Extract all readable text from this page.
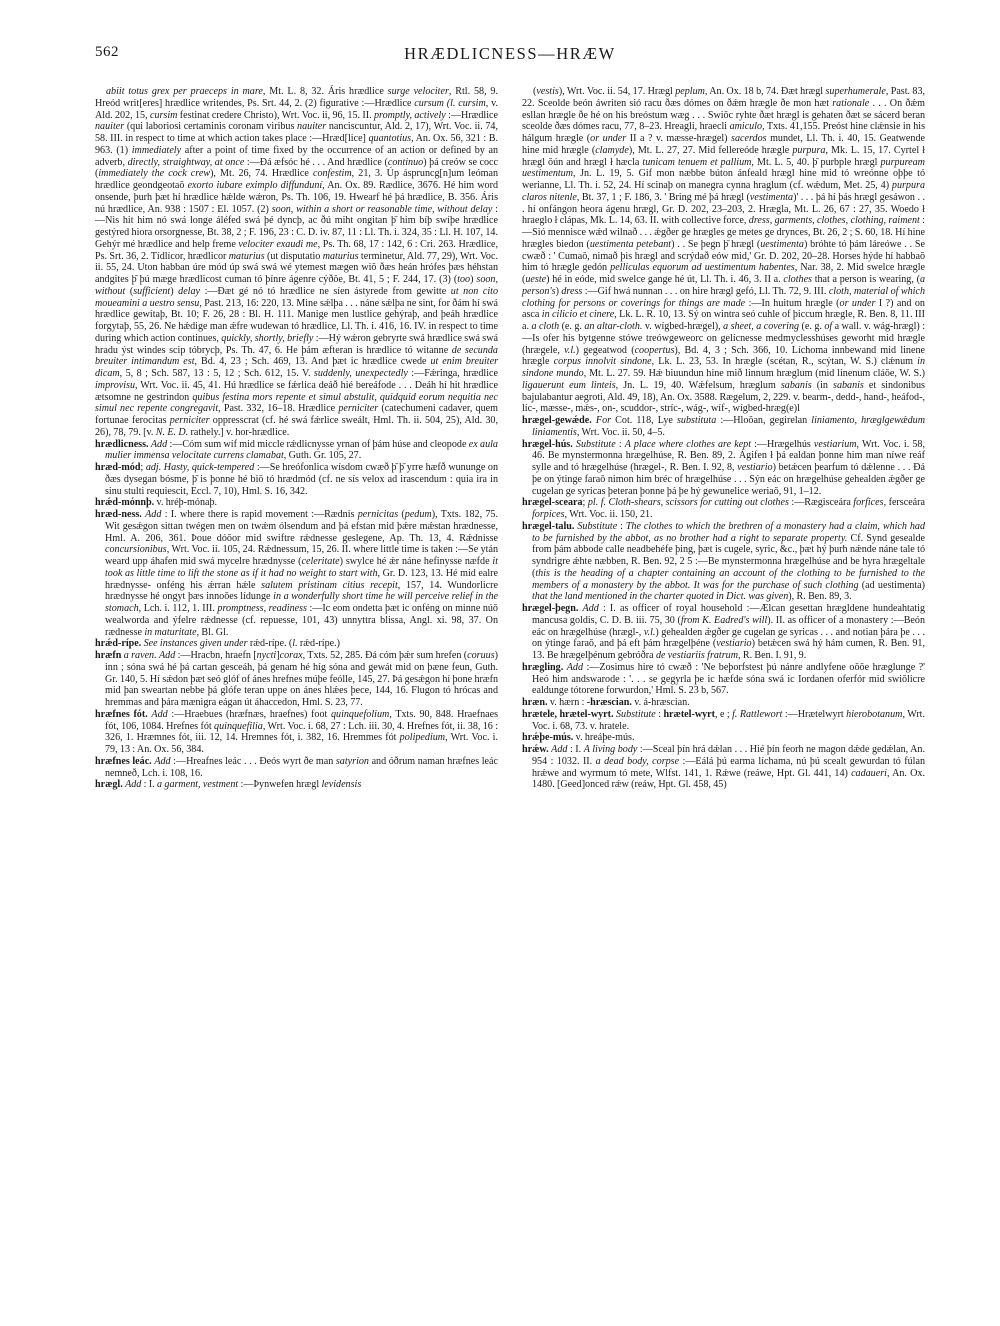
562	HRÆDLICNESS—HRÆW

abiit totus grex per praeceps in mare, Mt. L. 8, 32. Áris hrædlice surge velociter, Rtl. 58, 9. Hreód writ[eres] hrædlice writendes, Ps. Srt. 44, 2. (2) figurative :—Hrædlice cursum (l. cursim, v. Ald. 202, 15, cursim festinat credere Christo), Wrt. Voc. ii, 96, 15. II. promptly, actively :—Hrædlice nauiter (qui laboriosi certaminis coronam viribus nauiter nanciscuntur, Ald. 2, 17), Wrt. Voc. ii. 74, 58. III. in respect to time at which action takes place :—Hræd[lice] quantotius, An. Ox. 56, 321 : B. 963. (1) immediately after a point of time fixed by the occurrence of an action or defined by an adverb, directly, straightway, at once :—Ðá æfsóc hé . . . And hrædlice (continuo) þá creów se cocc (immediately the cock crew), Mt. 26, 74. Hrædlice confestim, 21, 3. Úp áspruncg[n]um leóman hrædlice geondgeotaŏ exorto iubare eximplo diffunduní, An. Ox. 89. Rædlice, 3676. Hé him word onsende, þurh þæt hí hrædlice hǽlde wǽron, Ps. Th. 106, 19. Hwearf hé þá hrædlice, B. 356. Áris nú hrædlice, An. 938 : 1507 : El. 1057. (2) soon, within a short or reasonable time, without delay :—Nis hit him nó swá longe áléfed swá þé dyncþ, ac ðú miht ongitan þ̄ him bíþ swíþe hrædlice gestýred hiora orsorgnesse, Bt. 38, 2 ; F. 196, 23 : C. D. iv. 87, 11 : Ll. Th. i. 324, 35 : Ll. H. 107, 14. Gehýr mé hrædlice and help freme velociter exaudi me, Ps. Th. 68, 17 : 142, 6 : Cri. 263. Hrædlice, Ps. Srt. 36, 2. Tídlícor, hrædlicor maturius (ut disputatio maturius terminetur, Ald. 77, 29), Wrt. Voc. ii. 55, 24. Uton habban úre mód úp swá swá wé ytemest mægen wiŏ ðæs heán hrófes þæs héhstan andgites þ̄ þú mæge hrædlicost cuman tó þínre ágenre cýðŏe, Bt. 41, 5 ; F. 244, 17. (3) (too) soon, without (sufficient) delay :—Ðæt gé nó tó hrædlice ne síen ástyrede from gewitte ut non cito moueamini a uestro sensu, Past. 213, 16: 220, 13. Mine sǽlþa . . . náne sǽlþa ne sint, for ðám hí swá hrædlice gewítaþ, Bt. 10; F. 26, 28 : Bl. H. 111. Manige men lustlice gehýraþ, and þeáh hrædlice forgytaþ, 55, 26. Ne hǽdige man ǽfre wudewan tó hrædlice, Ll. Th. i. 416, 16. IV. in respect to time during which action continues, quickly, shortly, briefly :—Hý wǽron gebryrte swá hrædlice swá swá hradu ýst windes scip tóbrycþ, Ps. Th. 47, 6. He þám æfteran is hrædlice tó witanne de secunda breuiter intimandum est, Bd. 4, 23 ; Sch. 469, 13. And þæt ic hrædlice cwede ut enim breuiter dicam, 5, 8 ; Sch. 587, 13 : 5, 12 ; Sch. 612, 15. V. suddenly, unexpectedly :—Fǽringa, hrædlice improvisu, Wrt. Voc. ii. 45, 41. Hú hrædlice se fǽrlica deáð hié bereáfode . . . Deáh hí hit hrædlice ætsomne ne gestrindon quibus festina mors repente et simul abstulit, quidquid eorum nequitia nec simul nec repente congregavit, Past. 332, 16–18. Hrædlice perniciter (catechumeni cadaver, quem fortunae ferocitas perniciter oppresscrat (cf. hé swá fǽrlice sweált, Hml. Th. ii. 504, 25), Ald. 30, 26), 78, 79. [v. N. E. D. rathely.] v. hor-hrædlice.

hrædlicness. Add :—Cóm sum wíf mid miccle rǽdlicnysse yrnan of þám húse and cleopode ex aula mulier immensa velocitate currens clamabat, Guth. Gr. 105, 27.

hræd-mód; adj. Hasty, quick-tempered :—Se hreófonlica wísdom cwæð þ̄ þ̄ yrre hæfð wununge on ðæs dysegan bósme, þ̄ is þonne hé biŏ tó hrædmód (cf. ne sís velox ad irascendum : quia ira in sinu stulti requiescit, Eccl. 7, 10), Hml. S. 16, 342.

hrǽd-mónnþ. v. hréþ-mónaþ.

hræd-ness. Add : I. where there is rapid movement :—Rædnis pernicitas (pedum), Txts. 182, 75. Wit gesǽgon sittan twégen men on twǽm ólsendum and þá efstan mid þǽre mǽstan hrædnesse, Hml. A. 206, 361. Þoue dóŏor mid swiftre rǽdnesse geslegene, Ap. Th. 13, 4. Rǽdnisse concursionibus, Wrt. Voc. ii. 105, 24. Rǽdnessum, 15, 26. II. where little time is taken :—Se ytán weard upp áhafen mid swá mycelre hrædnysse (celeritate) swylce hé ǽr náne hefinysse næfde it took as little time to lift the stone as if it had no weight to start with, Gr. D. 123, 13. Hé mid ealre hrædnysse- onféng his ǽrran hǽle salutem pristinam citius recepit, 157, 14. Wundorlicre hrædnysse hé ongyt þæs innoŏes lídunge in a wonderfully short time he will perceive relief in the stomach, Lch. i. 112, 1. III. promptness, readiness :—Ic eom ondetta þæt ic onféng on minne núŏ wealworda and ýfelre rǽdnesse (cf. repuesse, 101, 43) unnyttra blissa, Angl. xi. 98, 37. On rædnesse in maturitate, Bl. Gl.

hrǽd-rípe. See instances given under rǽd-rípe. (l. rǽd-rípe.)

hræfn a raven. Add :—Hracbn, hraefn [nycti]corax, Txts. 52, 285. Ðá cóm þǽr sum hrefen (coruus) inn ; sóna swá hé þá cartan gesceáh, þá genam hé híg sóna and gewát mid on þæne feun, Guth. Gr. 140, 5. Hí sǽdon þæt seó glóf of ánes hrefnes múþe feólle, 145, 27. Þá gesǽgon hí þone hræfn mid þan sweartan nebbe þá glófe teran uppe on ánes hlǽes þece, 144, 16. Flugon tó hrócas and hremmas and þára mænigra eágan út áhaccedon, Hml. S. 23, 77.

hræfnes fót. Add :—Hraebues (hræfnæs, hraefnes) foot quinquefolium, Txts. 90, 848. Hraefnaes fót, 106, 1084. Hrefnes fót quinquefilia, Wrt. Voc. i. 68, 27 : Lch. iii. 30, 4. Hrefnes fót, ii. 38, 16 : 326, 1. Hræmnes fót, iii. 12, 14. Hremnes fót, i. 382, 16. Hremmes fót polipedium, Wrt. Voc. i. 79, 13 : An. Ox. 56, 384.

hræfnes leác. Add :—Hreafnes leác . . . Ðeós wyrt ðe man satyrion and óðrum naman hræfnes leác nemneð, Lch. i. 108, 16.

hrægl. Add : I. a garment, vestment :—Þynwefen hrægl levidensis

(vestis), Wrt. Voc. ii. 54, 17. Hrægl peplum, An. Ox. 18 b, 74. Ðæt hrægl superhumerale, Past. 83, 22. Sceolde beón áwriten sió racu ðæs dómes on ðǽm hrægle ðe mon hæt rationale . . . On ðǽm esllan hrægle ðe hé on his breóstum wæg . . . Swiŏc ryhte ðæt hrægl is gehaten ðæt se sácerd beran sceolde ðæs dómes racu, 77, 8–23. Hreagli, hraecli amiculo, Txts. 41,155. Preóst hine clǽnsie in his hálgum hrægle (or under II a ? v. mæsse-hrægel) sacerdos mundet, Ll. Th. i. 40, 15. Geatwende hine mid hrægle (clamyde), Mt. L. 27, 27. Mid fellereóde hrægle purpura, Mk. L. 15, 17. Cyrtel ł hrægl ŏún and hrægl ł hæcla tunicam tenuem et pallium, Mt. L. 5, 40. þ̄ purbple hrægl purpuream uestimentum, Jn. L. 19, 5. Gif mon næbbe búton ánfeald hrægl hine mid tó wreónne oþþe tó werianne, Ll. Th. i. 52, 24. Hí scinaþ on manegra cynna hraglum (cf. wǽdum, Met. 25, 4) purpura claros nitenle, Bt. 37, 1 ; F. 186, 3. ' Bring mé þá hrægl (vestimenta)' . . . þá hí þás hrægl gesáwon . . . hí onfángon heora ágenu hrægl, Gr. D. 202, 23–203, 2. Hrægla, Mt. L. 26, 67 : 27, 35. Woedo ł hraeglo ł clápas, Mk. L. 14, 63. II. with collective force, dress, garments, clothes, clothing, raiment :—Sió mennisce wǽd wilnað . . . ǽgðer ge hrægles ge metes ge drynces, Bt. 26, 2 ; S. 60, 18. Hí hine hrægles biedon (uestimenta petebant) . . Se þegn þ̄ hrægl (uestimenta) bróhte tó þám láreówe . . Se cwæð : ' Cumaŏ, nimað þis hrægl and scrýdað eów mid,' Gr. D. 202, 20–28. Horses hýde hí habbaŏ him tó hrægle gedón pelliculas equorum ad uestimentum habentes, Nar. 38, 2. Mid swelce hrægle (ueste) hé in eóde, mid swelce gange hé út, Ll. Th. i. 46, 3. II a. clothes that a person is wearing, (a person's) dress :—Gif hwá nunnan . . . on hire hrægl gefó, Ll. Th. 72, 9. III. cloth, material of which clothing for persons or coverings for things are made :—In huitum hrægle (or under I ?) and on asca in cilicio et cinere, Lk. L. R. 10, 13. Sý on wintra seó cuhle of þiccum hrægle, R. Ben. 8, 11. III a. a cloth (e. g. an altar-cloth. v. wígbed-hrægel), a sheet, a covering (e. g. of a wall. v. wág-hrægl) :—Is ofer his bytgenne stówe treówgeweorc on gelícnesse medmyclesshúses geworht mid hrægle (hrægele, v.l.) gegeatwod (coopertus), Bd. 4, 3 ; Sch. 366, 10. Líchoma innbewand mid linene hrægle corpus innolvit sindone, Lk. L. 23, 53. In hrægle (scétan, R., scýtan, W. S.) clǽnum in sindone mundo, Mt. L. 27. 59. Hǽ biuundun hine mið linnum hræglum (mid linenum cláŏe, W. S.) ligauerunt eum linteis, Jn. L. 19, 40. Wǽfelsum, hræglum sabanis (in sabanis et sindonibus bajulabantur aegroti, Ald. 49, 18), An. Ox. 3588. Rægelum, 2, 229. v. bearm-, dedd-, hand-, heáfod-, líc-, mæsse-, mǽs-, on-, scuddor-, stríc-, wág-, wíf-, wígbed-hræg(e)l

hrægel-gewǽde. For Cot. 118, Lye substituta :—Hloŏan, gegirelan liniamento, hræglgewǽdum liniamentis, Wrt. Voc. ii. 50, 4–5.

hrægel-hús. Substitute : A place where clothes are kept :—Hrægelhús vestiarium, Wrt. Voc. i. 58, 46. Be mynstermonna hrægelhúse, R. Ben. 89, 2. Ágifen ł þá ealdan þonne him man níwe reáf sylle and tó hrægelhúse (hrægel-, R. Ben. I. 92, 8, vestiario) betǽcen þearfum tó dǽlenne . . . Ðá þe on ýtinge faraŏ nimon him bréc of hrægelhúse . . . Sýn eác on hrægelhúse gehealden ǽgðer ge cugelan ge syricas þeteran þonne þá þe hý gewunelice weriaŏ, 91, 1–12.

hrægel-sceara; pl. f. Cloth-shears, scissors for cutting out clothes :—Rægisceára forfices, fersceára forpices, Wrt. Voc. ii. 150, 21.

hrægel-talu. Substitute : The clothes to which the brethren of a monastery had a claim, which had to be furnished by the abbot, as no brother had a right to separate property. Cf. Synd gesealde from þám abbode calle neadbehéfe þing, þæt is cugele, syric, &c., þæt hý þurh nǽnde náne tale tó syndrigre ǽhte næbben, R. Ben. 92, 2 5 :—Be mynstermonna hrægelhúse and be hyra hrægeltale (this is the heading of a chapter containing an account of the clothing to be furnished to the members of a monastery by the abbot. It was for the purchase of such clothing (ad uestimenta) that the land mentioned in the charter quoted in Dict. was given), R. Ben. 89, 3.

hrægel-þegn. Add : I. as officer of royal household :—Ælcan gesettan hrægldene hundeahtatig mancusa goldis, C. D. B. iii. 75, 30 (from K. Eadred's will). II. as officer of a monastery :—Beón eác on hrægelhúse (hrægl-, v.l.) gehealden ǽgðer ge cugelan ge syricas . . . and notian þára þe . . . on ýtinge faraŏ, and þá eft þám hrægelþéne (vestiario) betǽcen swá hý hám cumen, R. Ben. 91, 13. Be hrægelþénum gebróðra de vestiariis fratrum, R. Ben. I. 91, 9.

hrægling. Add :—Zosimus hire tó cwæð : 'Ne beþorfstest þú nánre andlyfene oŏŏe hræglunge ?' Heó him andswarode : '. . . se gegyrla þe ic hæfde sóna swá ic Iordanen oferfór mid swiŏlicre ealdunge tótorene forwurdon,' Hml. S. 23 b, 567.

hræn. v. hærn : -hræscian. v. á-hræscian.

hrætele, hrætel-wyrt. Substitute : hrætel-wyrt, e ; f. Rattlewort :—Hrætelwyrt hierobotanum, Wrt. Voc. i. 68, 73. v. hratele.

hrǽþe-mús. v. hreáþe-mús.

hrǽw. Add : I. A living body :—Sceal þín hrá dǽlan . . . Hié þín feorh ne magon dǽde gedǽlan, An. 954 : 1032. II. a dead body, corpse :—Eálá þú earma líchama, nú þú scealt gewurdan tó fúlan hrǽwe and wyrmum tó mete, Wlfst. 141, 1. Rǽwe (reáwe, Hpt. Gl. 441, 14) cadaueri, An. Ox. 1480. [Geed]onced rǽw (reáw, Hpt. Gl. 458, 45)
